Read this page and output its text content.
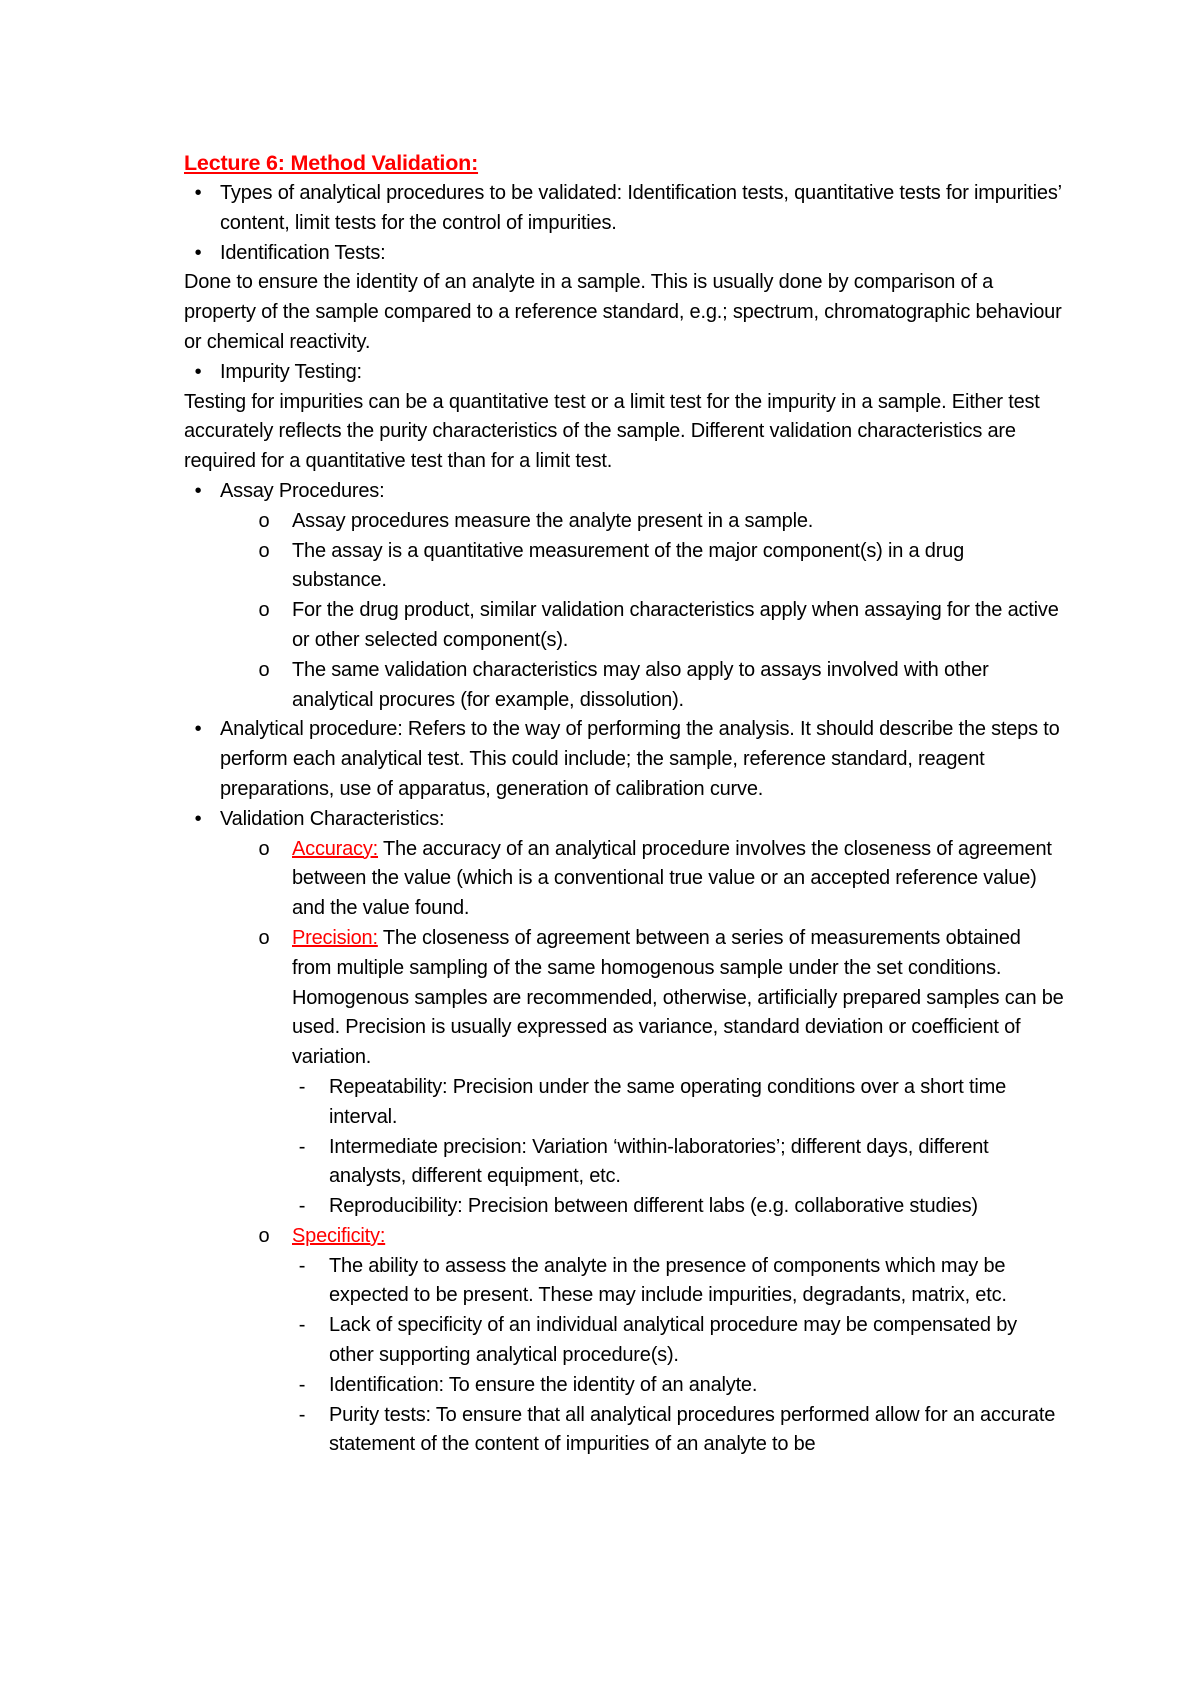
Lecture 6: Method Validation:
• Types of analytical procedures to be validated: Identification tests, quantitative tests for impurities’ content, limit tests for the control of impurities.
• Identification Tests:

Done to ensure the identity of an analyte in a sample. This is usually done by comparison of a property of the sample compared to a reference standard, e.g.; spectrum, chromatographic behaviour or chemical reactivity.

• Impurity Testing:

Testing for impurities can be a quantitative test or a limit test for the impurity in a sample. Either test accurately reflects the purity characteristics of the sample. Different validation characteristics are required for a quantitative test than for a limit test.

• Assay Procedures:
o Assay procedures measure the analyte present in a sample.
o The assay is a quantitative measurement of the major component(s) in a drug substance.
o For the drug product, similar validation characteristics apply when assaying for the active or other selected component(s).
o The same validation characteristics may also apply to assays involved with other analytical procures (for example, dissolution).
• Analytical procedure: Refers to the way of performing the analysis. It should describe the steps to perform each analytical test. This could include; the sample, reference standard, reagent preparations, use of apparatus, generation of calibration curve.
• Validation Characteristics:
o Accuracy: The accuracy of an analytical procedure involves the closeness of agreement between the value (which is a conventional true value or an accepted reference value) and the value found.
o Precision: The closeness of agreement between a series of measurements obtained from multiple sampling of the same homogenous sample under the set conditions. Homogenous samples are recommended, otherwise, artificially prepared samples can be used. Precision is usually expressed as variance, standard deviation or coefficient of variation.
-	Repeatability: Precision under the same operating conditions over a short time interval.
-	Intermediate precision: Variation ‘within-laboratories’; different days, different analysts, different equipment, etc.
-	Reproducibility: Precision between different labs (e.g. collaborative studies)
o Specificity:
-	The ability to assess the analyte in the presence of components which may be expected to be present. These may include impurities, degradants, matrix, etc.
-	Lack of specificity of an individual analytical procedure may be compensated by other supporting analytical procedure(s).
-	Identification: To ensure the identity of an analyte.
-	Purity tests: To ensure that all analytical procedures performed allow for an accurate statement of the content of impurities of an analyte to be
